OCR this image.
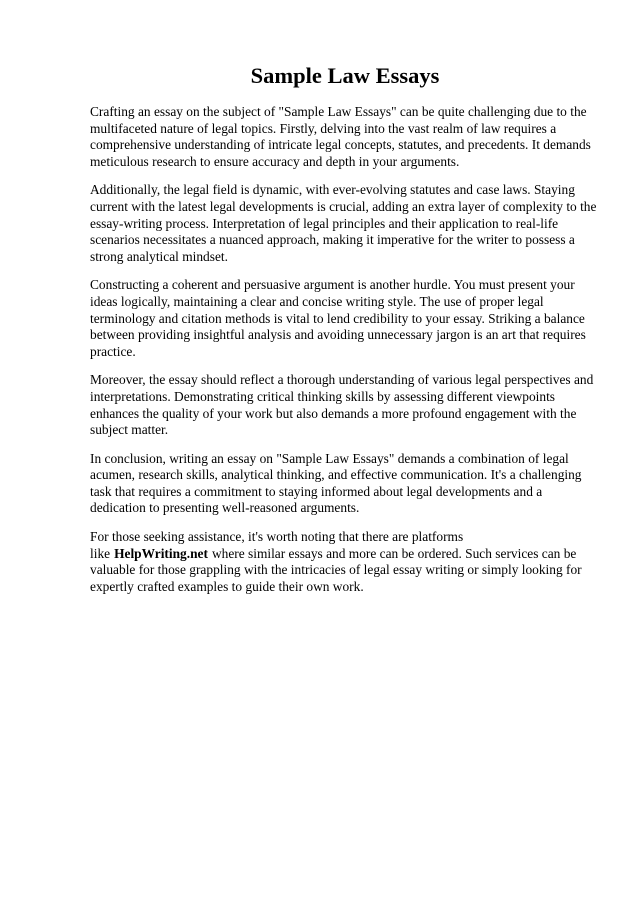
Sample Law Essays

Crafting an essay on the subject of "Sample Law Essays" can be quite challenging due to the multifaceted nature of legal topics. Firstly, delving into the vast realm of law requires a comprehensive understanding of intricate legal concepts, statutes, and precedents. It demands meticulous research to ensure accuracy and depth in your arguments.

Additionally, the legal field is dynamic, with ever-evolving statutes and case laws. Staying current with the latest legal developments is crucial, adding an extra layer of complexity to the essay-writing process. Interpretation of legal principles and their application to real-life scenarios necessitates a nuanced approach, making it imperative for the writer to possess a strong analytical mindset.

Constructing a coherent and persuasive argument is another hurdle. You must present your ideas logically, maintaining a clear and concise writing style. The use of proper legal terminology and citation methods is vital to lend credibility to your essay. Striking a balance between providing insightful analysis and avoiding unnecessary jargon is an art that requires practice.

Moreover, the essay should reflect a thorough understanding of various legal perspectives and interpretations. Demonstrating critical thinking skills by assessing different viewpoints enhances the quality of your work but also demands a more profound engagement with the subject matter.

In conclusion, writing an essay on "Sample Law Essays" demands a combination of legal acumen, research skills, analytical thinking, and effective communication. It's a challenging task that requires a commitment to staying informed about legal developments and a dedication to presenting well-reasoned arguments.

For those seeking assistance, it's worth noting that there are platforms like HelpWriting.net where similar essays and more can be ordered. Such services can be valuable for those grappling with the intricacies of legal essay writing or simply looking for expertly crafted examples to guide their own work.
